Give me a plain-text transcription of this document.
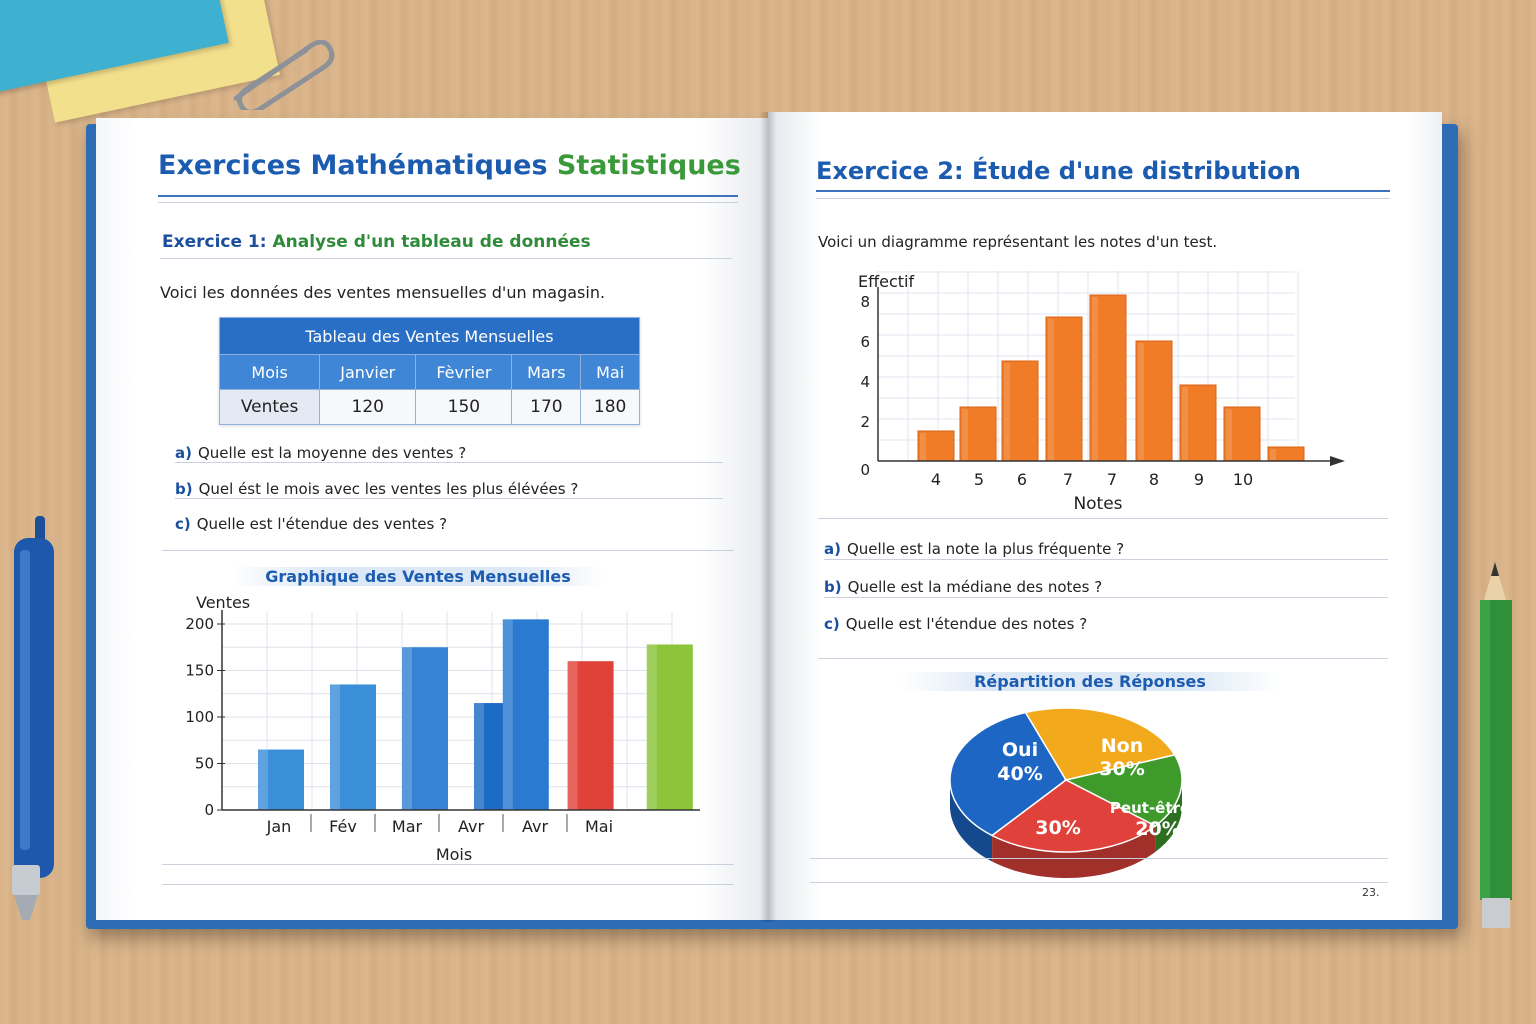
Exercices Mathématiques Statistiques
Exercice 1: Analyse d'un tableau de données
Voici les données des ventes mensuelles d'un magasin.
Tableau des Ventes Mensuelles				
Mois	Janvier	Fèvrier	Mars	Mai
Ventes	120	150	170	180
a) Quelle est la moyenne des ventes ?
b) Quel ést le mois avec les ventes les plus élévées ?
c) Quelle est l'étendue des ventes ?
Graphique des Ventes Mensuelles
0
50
100
150
200
Jan Fév Mar Avr Avr Mai
Ventes
Mois
Exercice 2: Étude d'une distribution
Voici un diagramme représentant les notes d'un test.
0
2
4
6
8
4 5 6 7 7 8 9 10
Effectif
Notes
a) Quelle est la note la plus fréquente ?
b) Quelle est la médiane des notes ?
c) Quelle est l'étendue des notes ?
Répartition des Réponses
Oui
40%
Non
30%
Peut-être
20%
30%
23.
